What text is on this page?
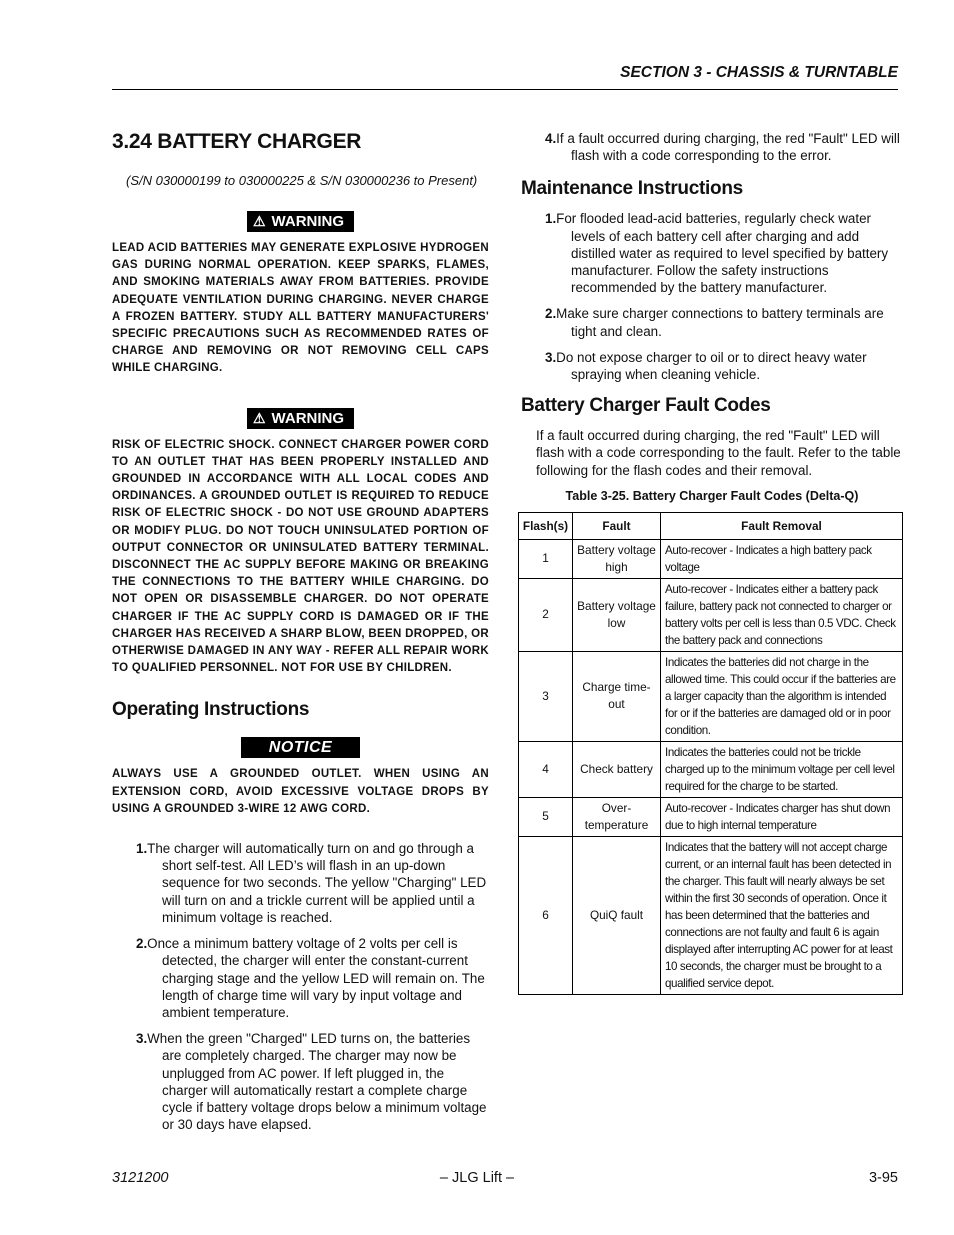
SECTION 3 - CHASSIS & TURNTABLE
3.24 BATTERY CHARGER
(S/N 030000199 to 030000225 & S/N 030000236 to Present)
⚠ WARNING
LEAD ACID BATTERIES MAY GENERATE EXPLOSIVE HYDROGEN GAS DURING NORMAL OPERATION. KEEP SPARKS, FLAMES, AND SMOKING MATERIALS AWAY FROM BATTERIES. PROVIDE ADEQUATE VENTILATION DURING CHARGING. NEVER CHARGE A FROZEN BATTERY. STUDY ALL BATTERY MANUFACTURERS' SPECIFIC PRECAUTIONS SUCH AS RECOMMENDED RATES OF CHARGE AND REMOVING OR NOT REMOVING CELL CAPS WHILE CHARGING.
⚠ WARNING
RISK OF ELECTRIC SHOCK. CONNECT CHARGER POWER CORD TO AN OUTLET THAT HAS BEEN PROPERLY INSTALLED AND GROUNDED IN ACCORDANCE WITH ALL LOCAL CODES AND ORDINANCES. A GROUNDED OUTLET IS REQUIRED TO REDUCE RISK OF ELECTRIC SHOCK - DO NOT USE GROUND ADAPTERS OR MODIFY PLUG. DO NOT TOUCH UNINSULATED PORTION OF OUTPUT CONNECTOR OR UNINSULATED BATTERY TERMINAL. DISCONNECT THE AC SUPPLY BEFORE MAKING OR BREAKING THE CONNECTIONS TO THE BATTERY WHILE CHARGING. DO NOT OPEN OR DISASSEMBLE CHARGER. DO NOT OPERATE CHARGER IF THE AC SUPPLY CORD IS DAMAGED OR IF THE CHARGER HAS RECEIVED A SHARP BLOW, BEEN DROPPED, OR OTHERWISE DAMAGED IN ANY WAY - REFER ALL REPAIR WORK TO QUALIFIED PERSONNEL. NOT FOR USE BY CHILDREN.
Operating Instructions
NOTICE
ALWAYS USE A GROUNDED OUTLET. WHEN USING AN EXTENSION CORD, AVOID EXCESSIVE VOLTAGE DROPS BY USING A GROUNDED 3-WIRE 12 AWG CORD.
1.The charger will automatically turn on and go through a short self-test. All LED’s will flash in an up-down sequence for two seconds. The yellow "Charging" LED will turn on and a trickle current will be applied until a minimum voltage is reached.
2.Once a minimum battery voltage of 2 volts per cell is detected, the charger will enter the constant-current charging stage and the yellow LED will remain on. The length of charge time will vary by input voltage and ambient temperature.
3.When the green "Charged" LED turns on, the batteries are completely charged. The charger may now be unplugged from AC power. If left plugged in, the charger will automatically restart a complete charge cycle if battery voltage drops below a minimum voltage or 30 days have elapsed.
4.If a fault occurred during charging, the red "Fault" LED will flash with a code corresponding to the error.
Maintenance Instructions
1.For flooded lead-acid batteries, regularly check water levels of each battery cell after charging and add distilled water as required to level specified by battery manufacturer. Follow the safety instructions recommended by the battery manufacturer.
2.Make sure charger connections to battery terminals are tight and clean.
3.Do not expose charger to oil or to direct heavy water spraying when cleaning vehicle.
Battery Charger Fault Codes

If a fault occurred during charging, the red "Fault" LED will flash with a code corresponding to the fault. Refer to the table following for the flash codes and their removal.

Table 3-25. Battery Charger Fault Codes (Delta-Q)
Flash(s)	Fault	Fault Removal
1	Battery voltage high	Auto-recover - Indicates a high battery pack voltage
2	Battery voltage low	Auto-recover - Indicates either a battery pack failure, battery pack not connected to charger or battery volts per cell is less than 0.5 VDC. Check the battery pack and connections
3	Charge time-out	Indicates the batteries did not charge in the allowed time. This could occur if the batteries are a larger capacity than the algorithm is intended for or if the batteries are damaged old or in poor condition.
4	Check battery	Indicates the batteries could not be trickle charged up to the minimum voltage per cell level required for the charge to be started.
5	Over-temperature	Auto-recover - Indicates charger has shut down due to high internal temperature
6	QuiQ fault	Indicates that the battery will not accept charge current, or an internal fault has been detected in the charger. This fault will nearly always be set within the first 30 seconds of operation. Once it has been determined that the batteries and connections are not faulty and fault 6 is again displayed after interrupting AC power for at least 10 seconds, the charger must be brought to a qualified service depot.
3121200	– JLG Lift –	3-95
